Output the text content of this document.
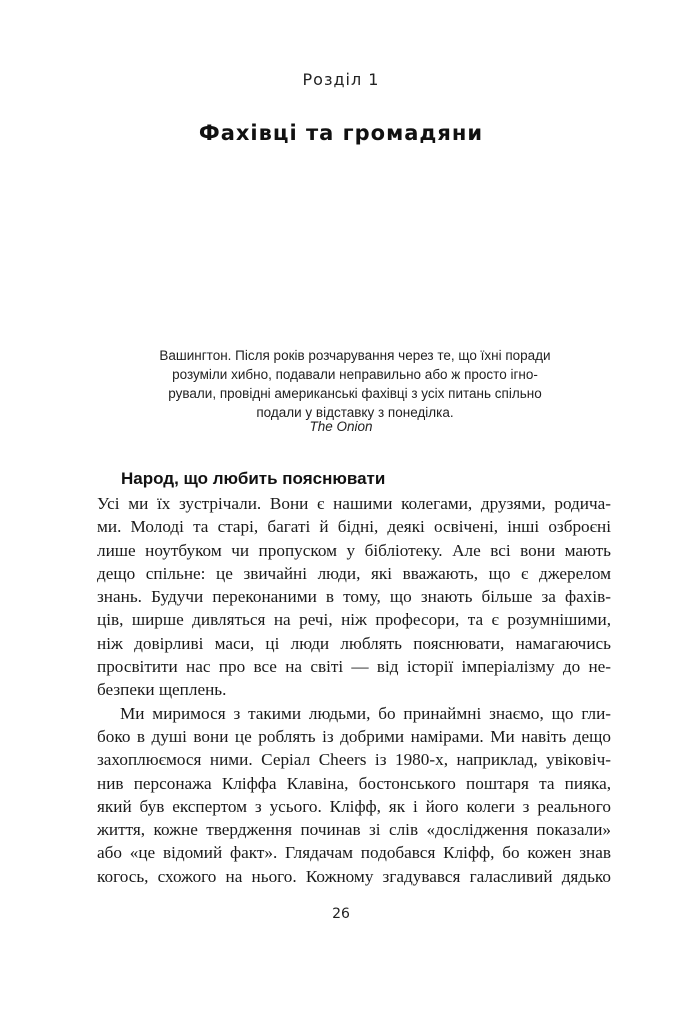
Розділ 1
Фахівці та громадяни
Вашингтон. Після років розчарування через те, що їхні поради
розуміли хибно, подавали неправильно або ж просто ігно-
рували, провідні американські фахівці з усіх питань спільно
подали у відставку з понеділка.
The Onion
Народ, що любить пояснювати
Усі ми їх зустрічали. Вони є нашими колегами, друзями, родича-
ми. Молоді та старі, багаті й бідні, деякі освічені, інші озброєні
лише ноутбуком чи пропуском у бібліотеку. Але всі вони мають
дещо спільне: це звичайні люди, які вважають, що є джерелом
знань. Будучи переконаними в тому, що знають більше за фахів-
ців, ширше дивляться на речі, ніж професори, та є розумнішими,
ніж довірливі маси, ці люди люблять пояснювати, намагаючись
просвітити нас про все на світі — від історії імперіалізму до не-
безпеки щеплень.
Ми миримося з такими людьми, бо принаймні знаємо, що гли-
боко в душі вони це роблять із добрими намірами. Ми навіть дещо
захоплюємося ними. Серіал Cheers із 1980-х, наприклад, увіковіч-
нив персонажа Кліффа Клавіна, бостонського поштаря та пияка,
який був експертом з усього. Кліфф, як і його колеги з реального
життя, кожне твердження починав зі слів «дослідження показали»
або «це відомий факт». Глядачам подобався Кліфф, бо кожен знав
когось, схожого на нього. Кожному згадувався галасливий дядько
26
